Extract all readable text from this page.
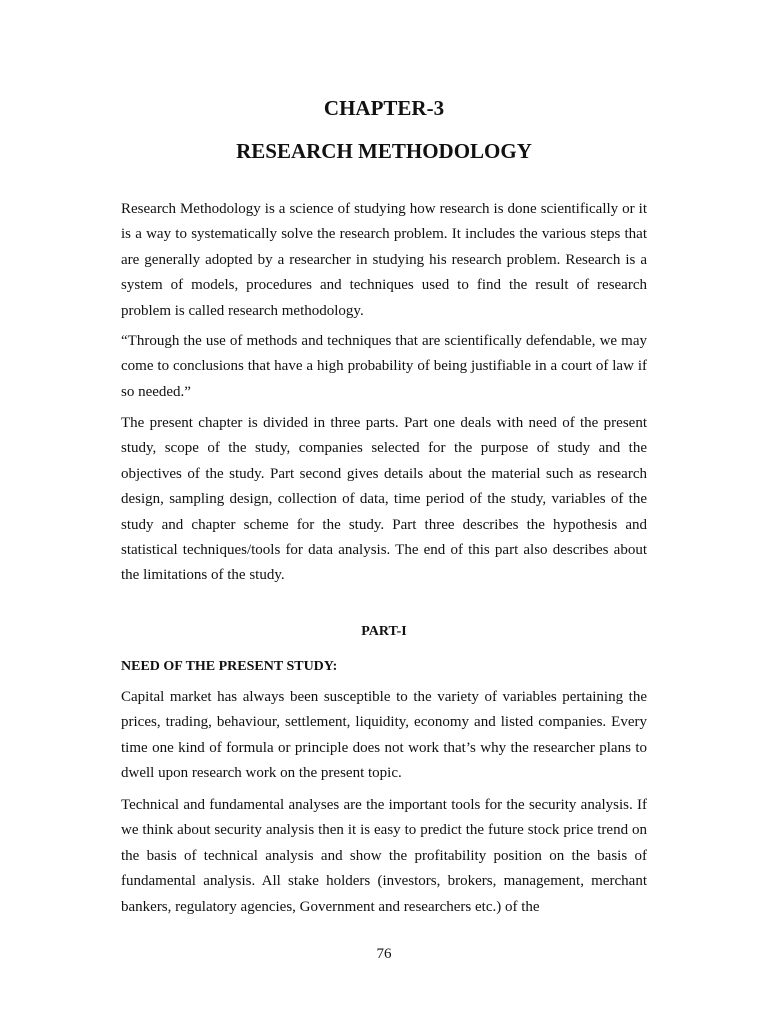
CHAPTER-3
RESEARCH METHODOLOGY

Research Methodology is a science of studying how research is done scientifically or it is a way to systematically solve the research problem. It includes the various steps that are generally adopted by a researcher in studying his research problem. Research is a system of models, procedures and techniques used to find the result of research problem is called research methodology.

“Through the use of methods and techniques that are scientifically defendable, we may come to conclusions that have a high probability of being justifiable in a court of law if so needed.”

The present chapter is divided in three parts. Part one deals with need of the present study, scope of the study, companies selected for the purpose of study and the objectives of the study. Part second gives details about the material such as research design, sampling design, collection of data, time period of the study, variables of the study and chapter scheme for the study. Part three describes the hypothesis and statistical techniques/tools for data analysis. The end of this part also describes about the limitations of the study.

PART-I
NEED OF THE PRESENT STUDY:

Capital market has always been susceptible to the variety of variables pertaining the prices, trading, behaviour, settlement, liquidity, economy and listed companies. Every time one kind of formula or principle does not work that’s why the researcher plans to dwell upon research work on the present topic.

Technical and fundamental analyses are the important tools for the security analysis. If we think about security analysis then it is easy to predict the future stock price trend on the basis of technical analysis and show the profitability position on the basis of fundamental analysis. All stake holders (investors, brokers, management, merchant bankers, regulatory agencies, Government and researchers etc.) of the

76
